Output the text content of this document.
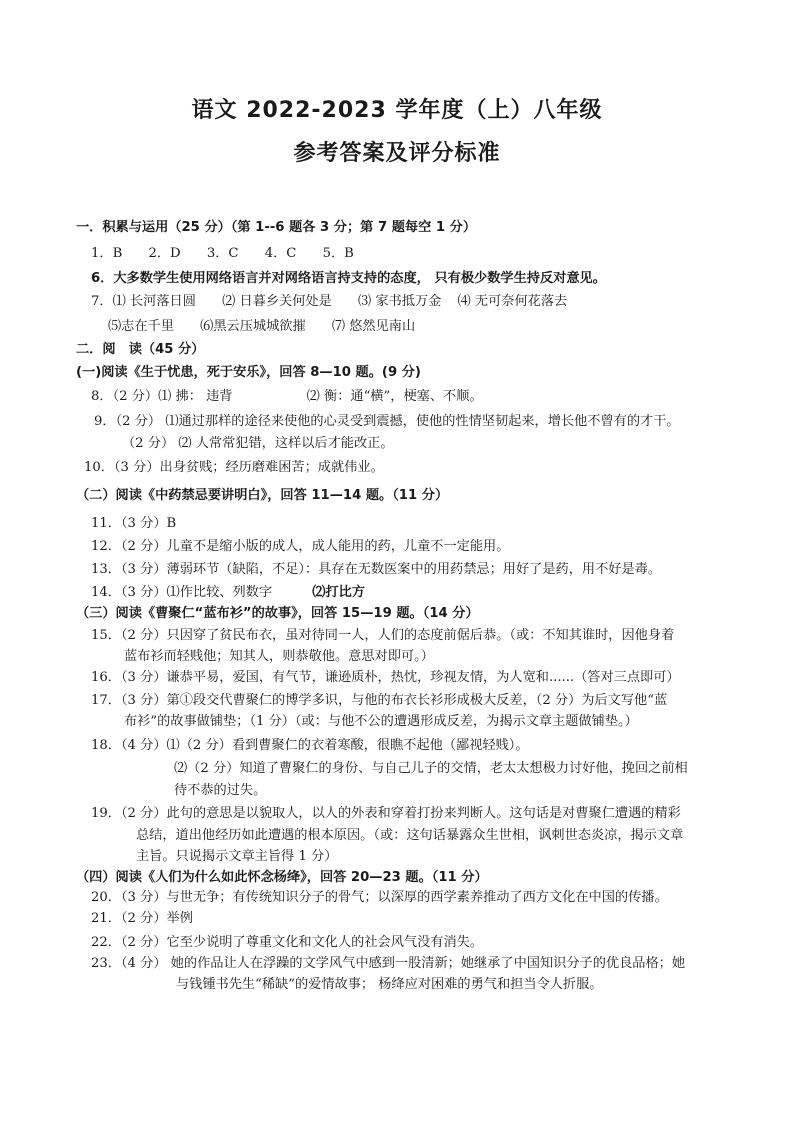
语文 2022-2023 学年度（上）八年级
参考答案及评分标准
一．积累与运用（25 分）（第 1--6 题各 3 分；第 7 题每空 1 分）
1．B 2．D 3．C 4．C 5．B
6．大多数学生使用网络语言并对网络语言持支持的态度， 只有极少数学生持反对意见。
7．⑴ 长河落日圆 ⑵ 日暮乡关何处是 ⑶ 家书抵万金 ⑷ 无可奈何花落去
⑸志在千里 ⑹黑云压城城欲摧 ⑺ 悠然见南山
二．阅　读（45 分）
(一)阅读《生于忧患，死于安乐》，回答 8—10 题。(9 分)
8．（2 分）⑴ 拂： 违背	⑵ 衡：通“横”，梗塞、不顺。
9．（2 分） ⑴通过那样的途径来使他的心灵受到震撼，使他的性情坚韧起来，增长他不曾有的才干。
（2 分） ⑵ 人常常犯错，这样以后才能改正。
10．（3 分）出身贫贱；经历磨难困苦；成就伟业。
（二）阅读《中药禁忌要讲明白》，回答 11—14 题。（11 分）
11．（3 分）B
12．（2 分）儿童不是缩小版的成人，成人能用的药，儿童不一定能用。
13．（3 分）薄弱环节（缺陷，不足）：具存在无数医案中的用药禁忌；用好了是药，用不好是毒。
14．（3 分）⑴作比较、列数字	⑵打比方
（三）阅读《曹聚仁“蓝布衫”的故事》，回答 15—19 题。（14 分）
15．（2 分）只因穿了贫民布衣，虽对待同一人，人们的态度前倨后恭。（或：不知其谁时，因他身着
蓝布衫而轻贱他；知其人，则恭敬他。意思对即可。）
16．（3 分）谦恭平易，爱国，有气节，谦逊质朴，热忱，珍视友情，为人宽和......（答对三点即可）
17．（3 分）第①段交代曹聚仁的博学多识，与他的布衣长衫形成极大反差，（2 分）为后文写他“蓝
布衫”的故事做铺垫；（1 分）（或：与他不公的遭遇形成反差，为揭示文章主题做铺垫。）
18．（4 分）⑴（2 分）看到曹聚仁的衣着寒酸，很瞧不起他（鄙视轻贱）。
⑵（2 分）知道了曹聚仁的身份、与自己儿子的交情，老太太想极力讨好他，挽回之前相
待不恭的过失。
19．（2 分）此句的意思是以貌取人，以人的外表和穿着打扮来判断人。这句话是对曹聚仁遭遇的精彩
总结，道出他经历如此遭遇的根本原因。（或：这句话暴露众生世相，讽刺世态炎凉，揭示文章
主旨。只说揭示文章主旨得 1 分）
（四）阅读《人们为什么如此怀念杨绛》，回答 20—23 题。（11 分）
20．（3 分）与世无争；有传统知识分子的骨气；以深厚的西学素养推动了西方文化在中国的传播。
21．（2 分）举例
22．（2 分）它至少说明了尊重文化和文化人的社会风气没有消失。
23．（4 分） 她的作品让人在浮躁的文学风气中感到一股清新；她继承了中国知识分子的优良品格；她
与钱锺书先生“稀缺”的爱情故事； 杨绛应对困难的勇气和担当令人折服。
